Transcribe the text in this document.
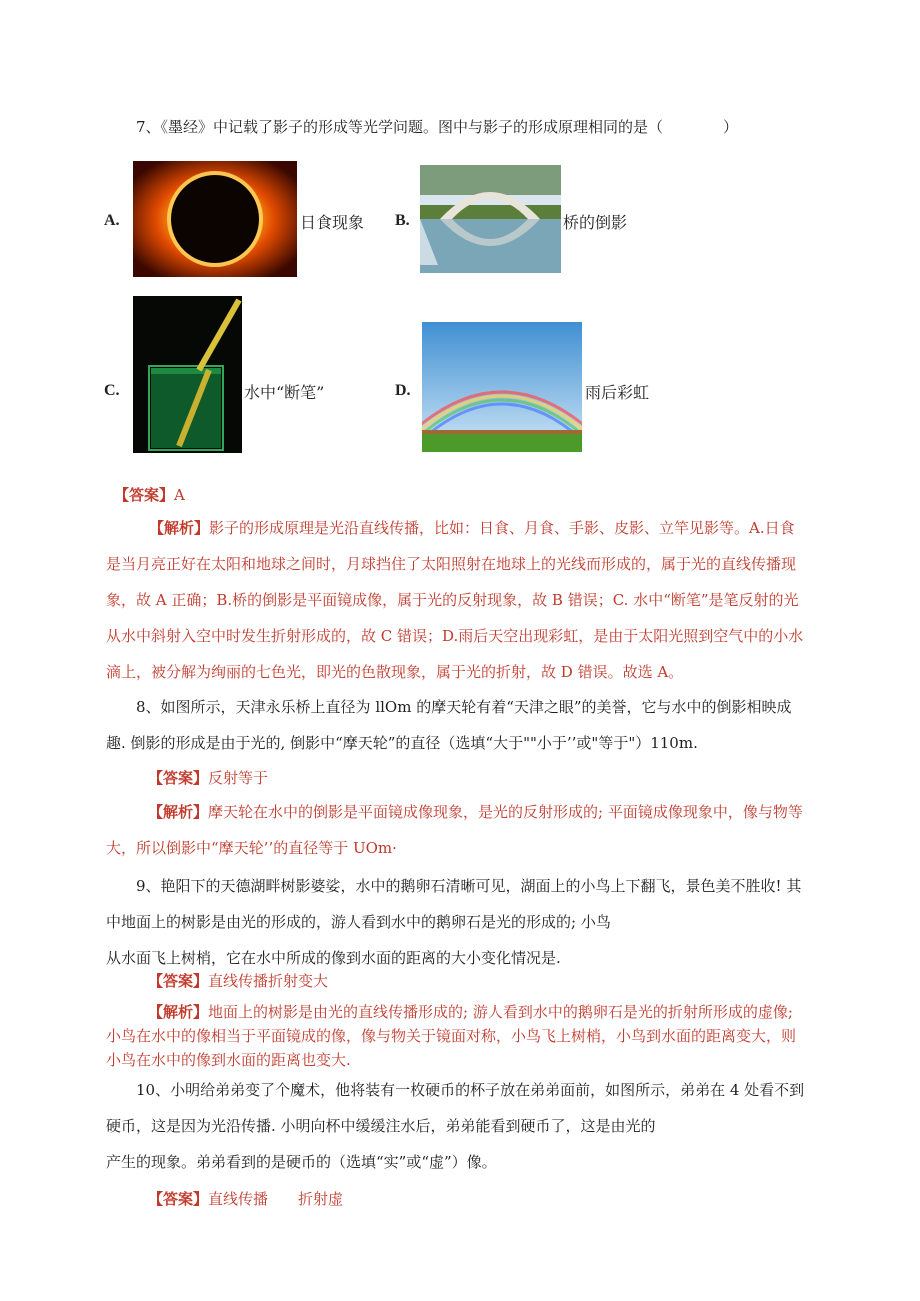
7、《墨经》中记载了影子的形成等光学问题。图中与影子的形成原理相同的是（　　　　）
A.	日食现象 B.	桥的倒影
C.	水中“断笔”	D.	雨后彩虹
【答案】A
【解析】影子的形成原理是光沿直线传播，比如：日食、月食、手影、皮影、立竿见影等。A.日食
是当月亮正好在太阳和地球之间时，月球挡住了太阳照射在地球上的光线而形成的，属于光的直线传播现
象，故 A 正确；B.桥的倒影是平面镜成像，属于光的反射现象，故 B 错误；C. 水中“断笔”是笔反射的光
从水中斜射入空中时发生折射形成的，故 C 错误；D.雨后天空出现彩虹，是由于太阳光照到空气中的小水
滴上，被分解为绚丽的七色光，即光的色散现象，属于光的折射，故 D 错误。故选 A。
8、如图所示，天津永乐桥上直径为 llOm 的摩天轮有着“天津之眼”的美誉，它与水中的倒影相映成
趣. 倒影的形成是由于光的, 倒影中“摩天轮”的直径（选填“大于""小于’’或"等于"）110m.
【答案】反射等于
【解析】摩天轮在水中的倒影是平面镜成像现象，是光的反射形成的; 平面镜成像现象中，像与物等
大，所以倒影中“摩天轮’’的直径等于 UOm·
9、艳阳下的天德湖畔树影婆娑，水中的鹅卵石清晰可见，湖面上的小鸟上下翻飞，景色美不胜收! 其
中地面上的树影是由光的形成的，游人看到水中的鹅卵石是光的形成的; 小鸟
从水面飞上树梢，它在水中所成的像到水面的距离的大小变化情况是.
【答案】直线传播折射变大
【解析】地面上的树影是由光的直线传播形成的; 游人看到水中的鹅卵石是光的折射所形成的虚像;
小鸟在水中的像相当于平面镜成的像，像与物关于镜面对称，小鸟飞上树梢，小鸟到水面的距离变大，则
小鸟在水中的像到水面的距离也变大.
10、小明给弟弟变了个魔术，他将装有一枚硬币的杯子放在弟弟面前，如图所示，弟弟在 4 处看不到
硬币，这是因为光沿传播. 小明向杯中缓缓注水后，弟弟能看到硬币了，这是由光的
产生的现象。弟弟看到的是硬币的（选填“实”或“虚”）像。
【答案】直线传播　　折射虚
